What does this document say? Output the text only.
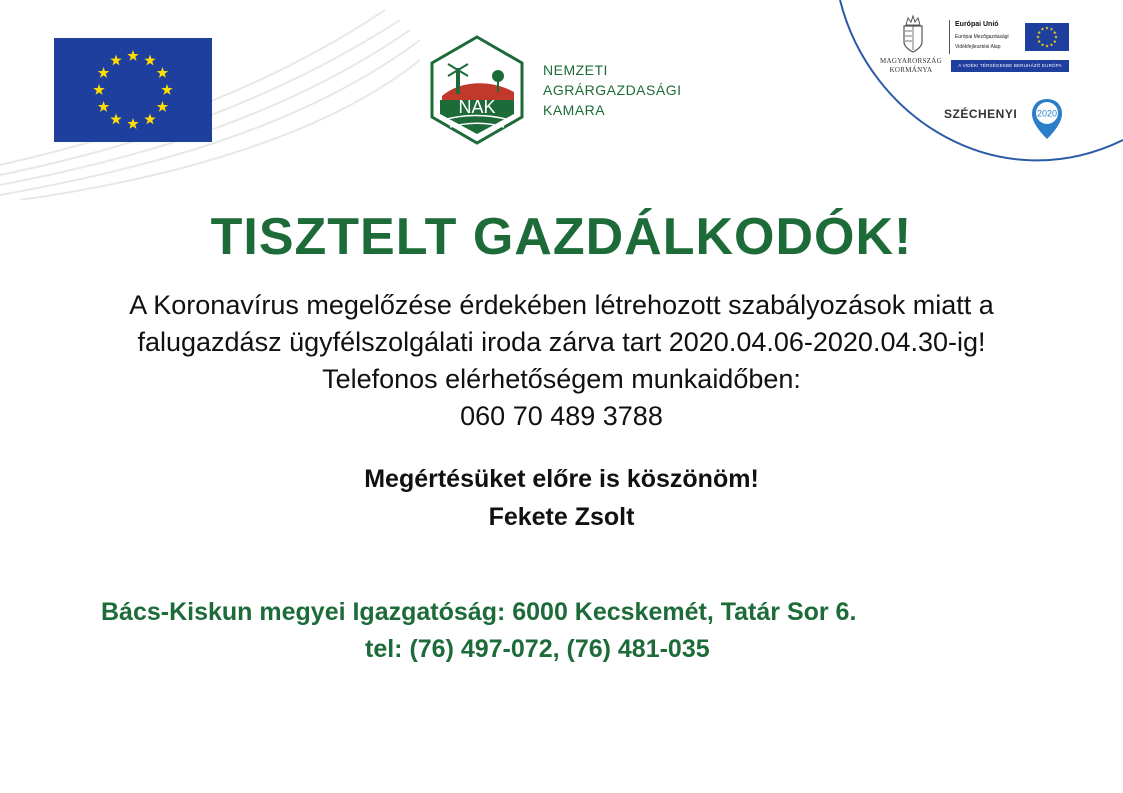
NAK
NEMZETI
AGRÁRGAZDASÁGI
KAMARA
MAGYARORSZÁG
KORMÁNYA
Európai Unió
Európai Mezőgazdasági
Vidékfejlesztési Alap
A VIDÉKI TÉRSÉGEKBE BERUHÁZÓ EURÓPA
SZÉCHENYI 2020
TISZTELT GAZDÁLKODÓK!
A Koronavírus megelőzése érdekében létrehozott szabályozások miatt a
falugazdász ügyfélszolgálati iroda zárva tart 2020.04.06-2020.04.30-ig!
Telefonos elérhetőségem munkaidőben:
060 70 489 3788
Megértésüket előre is köszönöm!
Fekete Zsolt
Bács-Kiskun megyei Igazgatóság: 6000 Kecskemét, Tatár Sor 6.
tel: (76) 497-072, (76) 481-035
